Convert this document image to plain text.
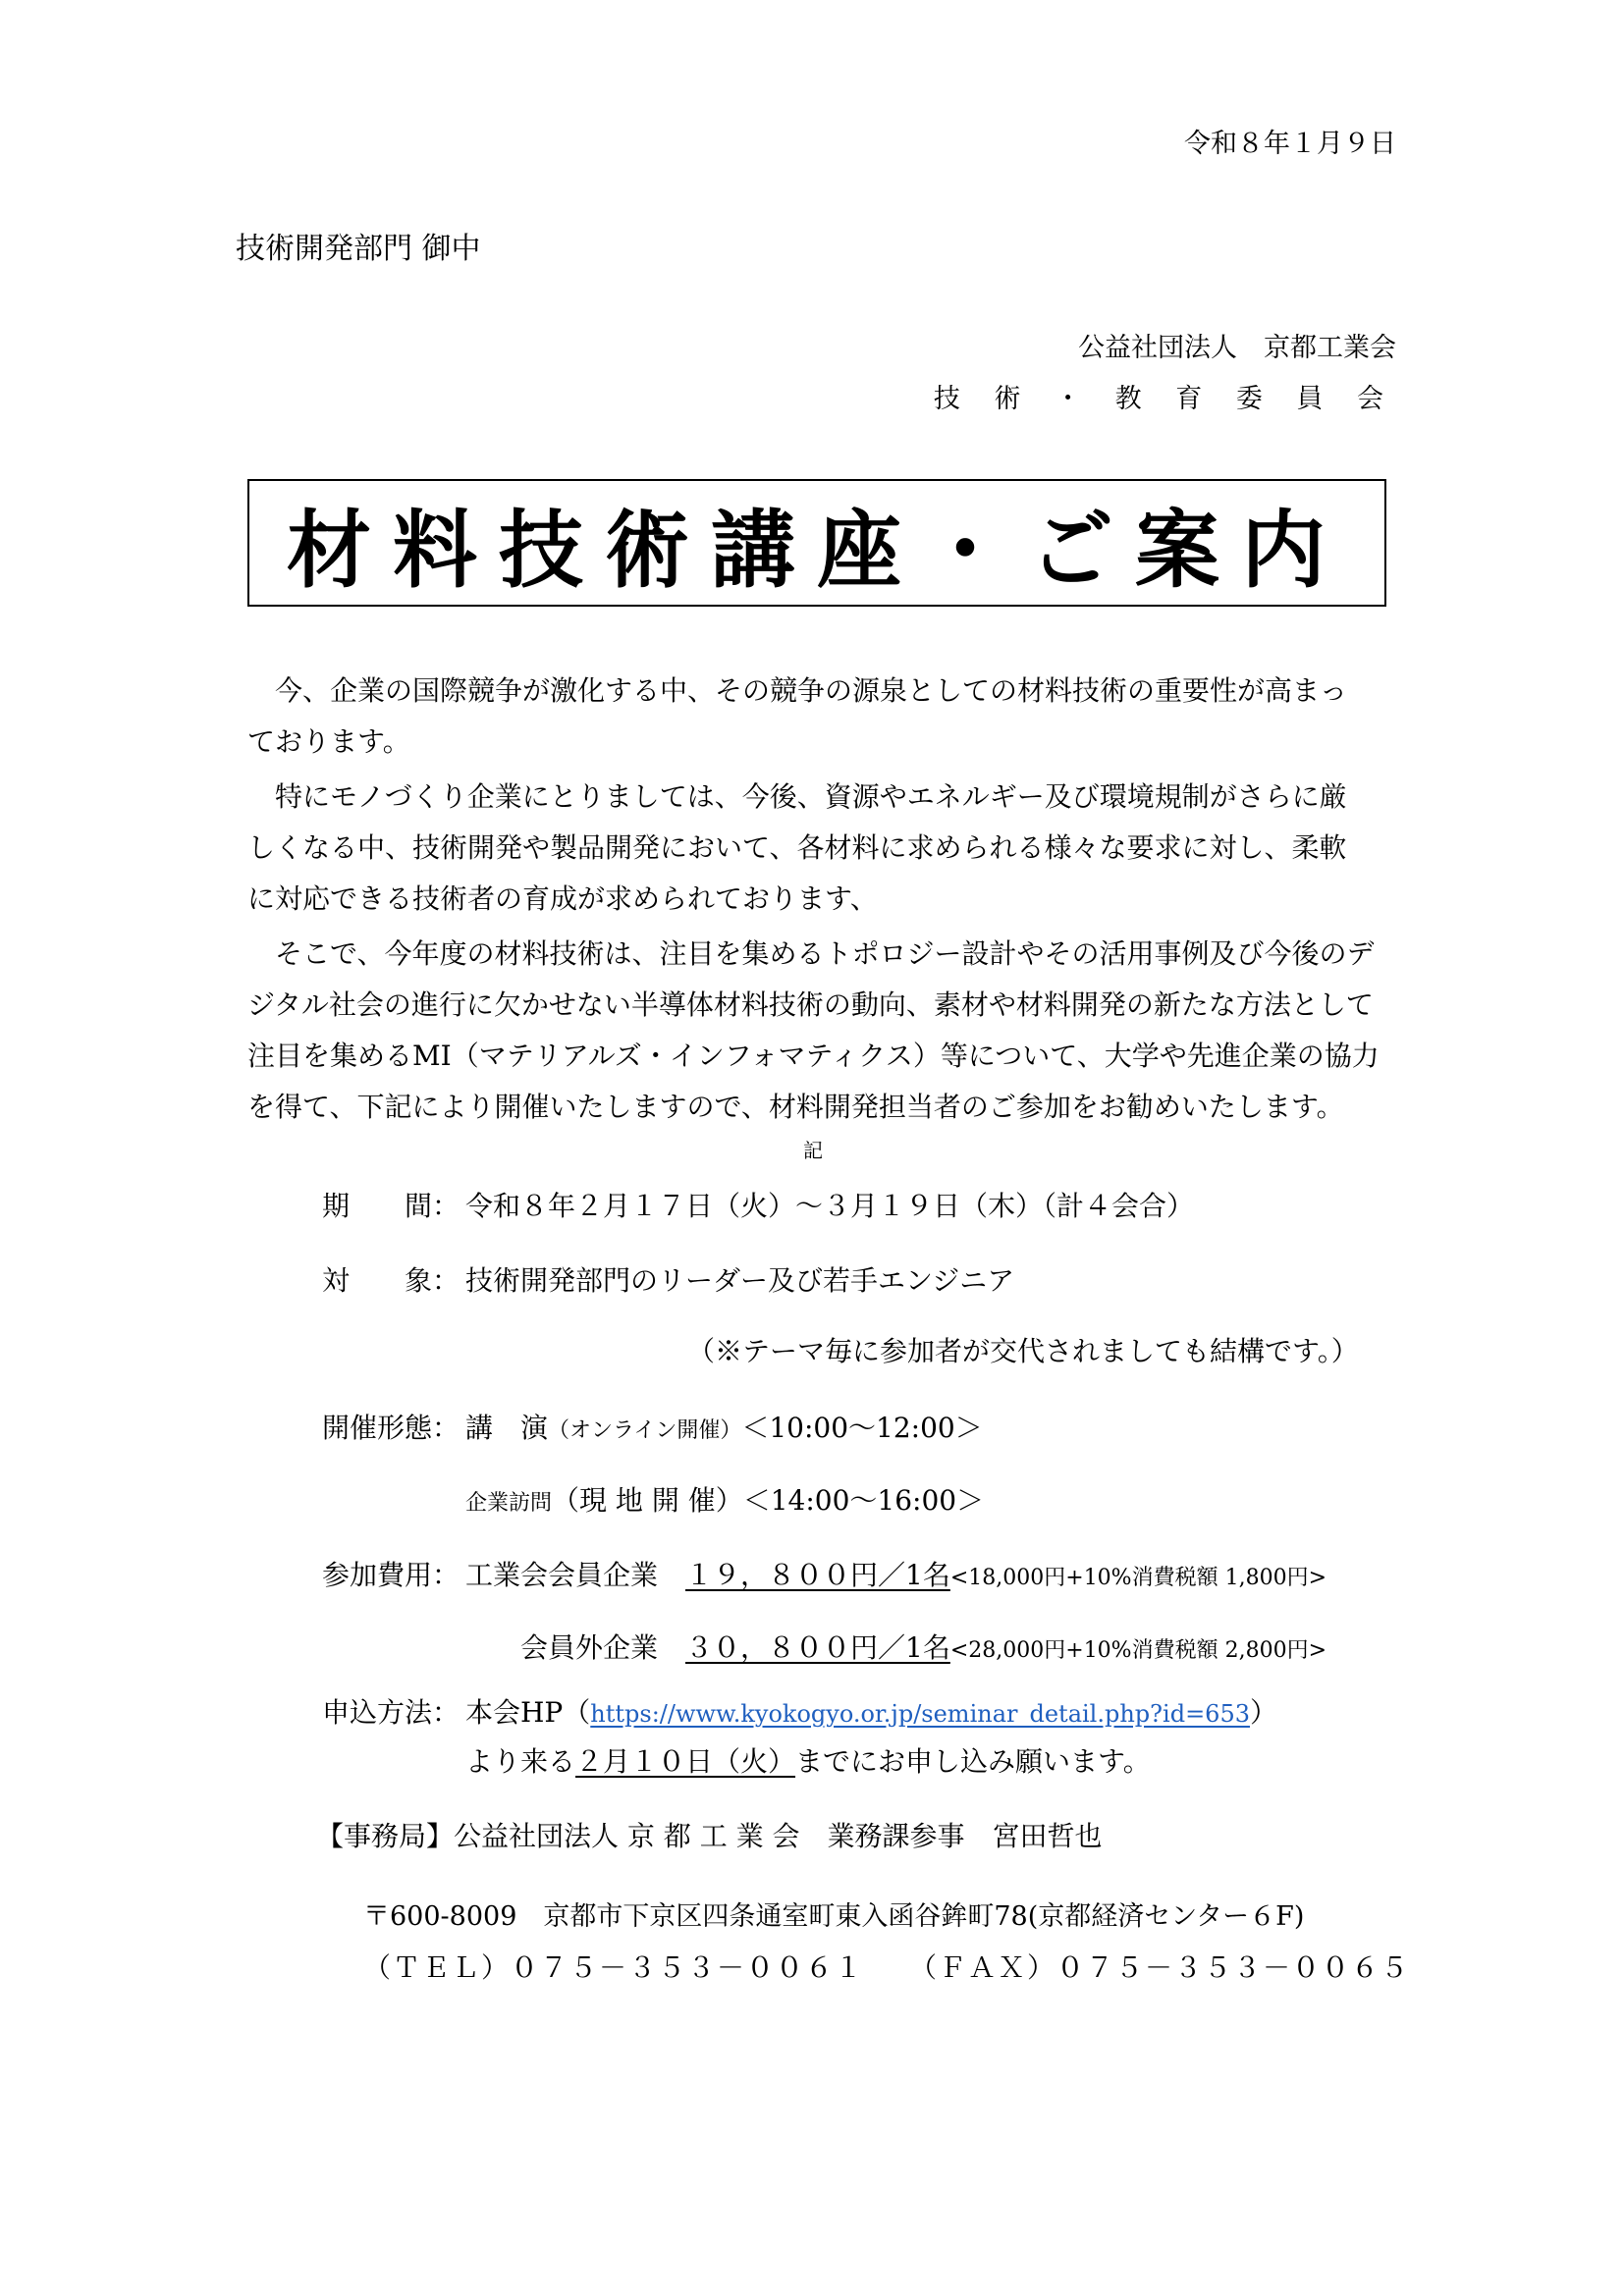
令和８年１月９日
技術開発部門 御中
公益社団法人　京都工業会
技 術 ・ 教 育 委 員 会
材料技術講座・ご案内
　今、企業の国際競争が激化する中、その競争の源泉としての材料技術の重要性が高まっ
ております。
　特にモノづくり企業にとりましては、今後、資源やエネルギー及び環境規制がさらに厳
しくなる中、技術開発や製品開発において、各材料に求められる様々な要求に対し、柔軟
に対応できる技術者の育成が求められております、
　そこで、今年度の材料技術は、注目を集めるトポロジー設計やその活用事例及び今後のデ
ジタル社会の進行に欠かせない半導体材料技術の動向、素材や材料開発の新たな方法として
注目を集めるMI（マテリアルズ・インフォマティクス）等について、大学や先進企業の協力
を得て、下記により開催いたしますので、材料開発担当者のご参加をお勧めいたします。
記
期　　間： 令和８年２月１７日（火）～３月１９日（木）（計４会合）
対　　象： 技術開発部門のリーダー及び若手エンジニア
（※テーマ毎に参加者が交代されましても結構です。）
開催形態： 講　演（オンライン開催）＜10:00～12:00＞
企業訪問（現 地 開 催）＜14:00～16:00＞
参加費用： 工業会会員企業　１９，８００円／1名<18,000円+10%消費税額 1,800円>
会員外企業　３０，８００円／1名<28,000円+10%消費税額 2,800円>
申込方法： 本会HP（https://www.kyokogyo.or.jp/seminar_detail.php?id=653）
より来る２月１０日（火）までにお申し込み願います。
【事務局】公益社団法人 京 都 工 業 会　業務課参事　宮田哲也
〒600-8009　京都市下京区四条通室町東入函谷鉾町78(京都経済センター６F)
（ＴＥＬ）０７５－３５３－００６１　　（ＦＡＸ）０７５－３５３－００６５
